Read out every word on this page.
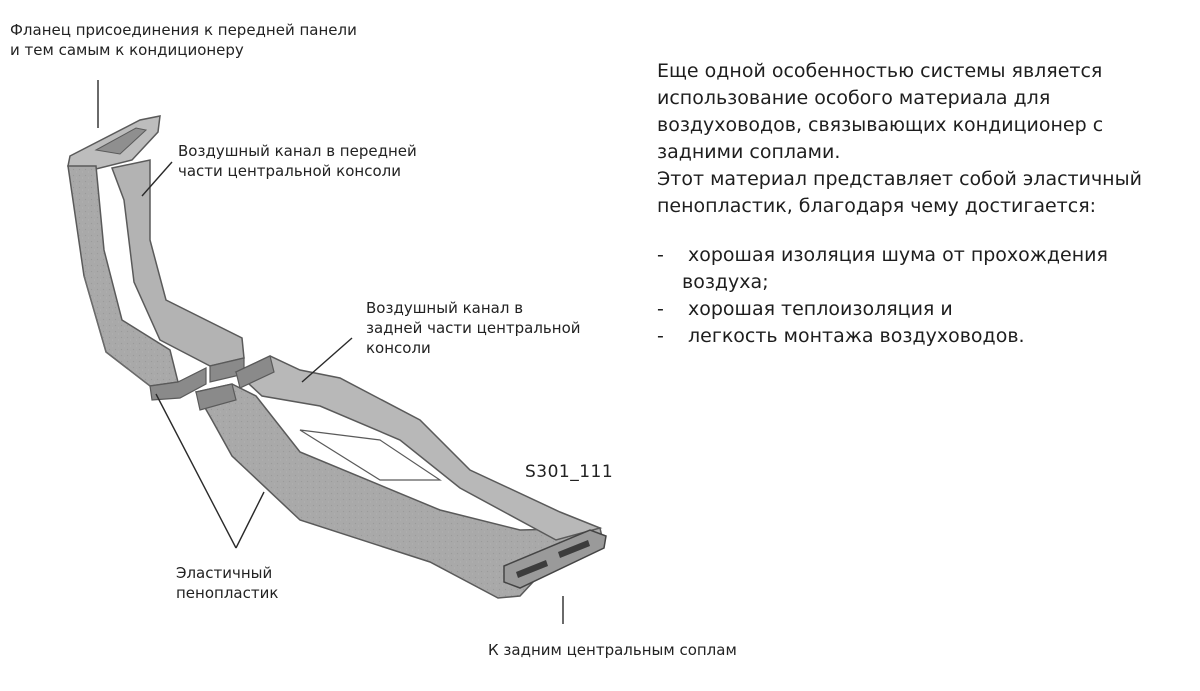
Фланец присоединения к передней панели
и тем самым к кондиционеру
Воздушный канал в передней
части центральной консоли
Воздушный канал в
задней части центральной
консоли
Эластичный
пенопластик
К задним центральным соплам
S301_111

Еще одной особенностью системы является
использование особого материала для
воздуховодов, связывающих кондиционер с
задними соплами.
Этот материал представляет собой эластичный
пенопластик, благодаря чему достигается:

- хорошая изоляция шума от прохождения
воздуха;
- хорошая теплоизоляция и
- легкость монтажа воздуховодов.
